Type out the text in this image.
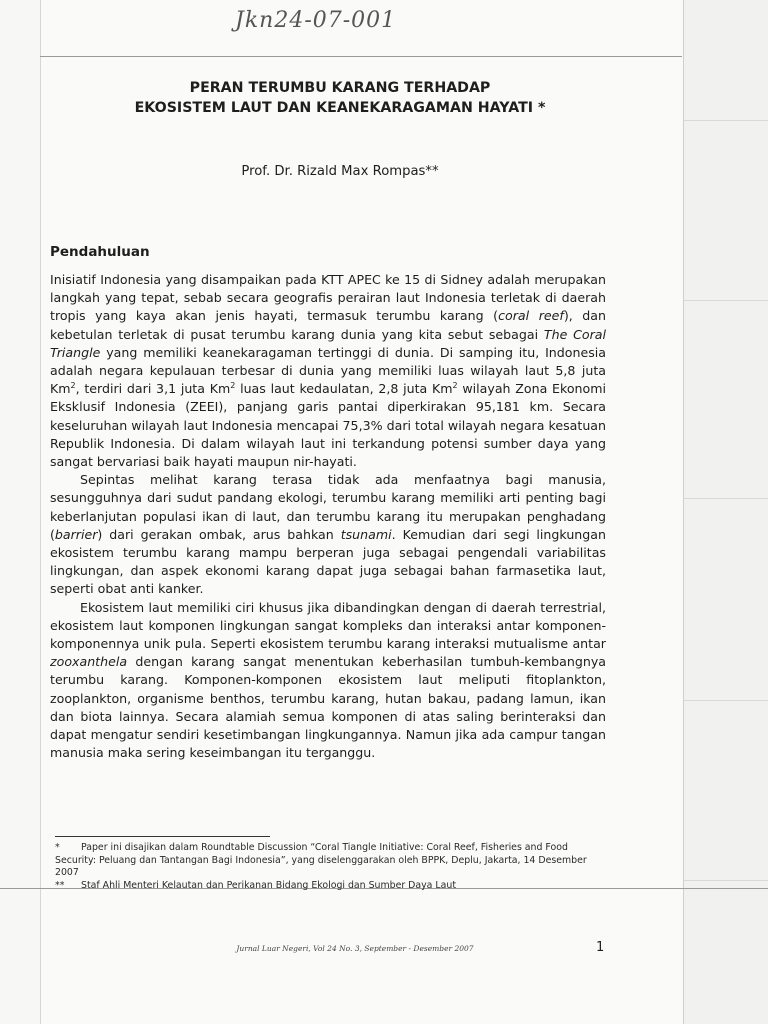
Jkn24-07-001
PERAN TERUMBU KARANG TERHADAP
EKOSISTEM LAUT DAN KEANEKARAGAMAN HAYATI *
Prof. Dr. Rizald Max Rompas**
Pendahuluan

Inisiatif Indonesia yang disampaikan pada KTT APEC ke 15 di Sidney adalah merupakan langkah yang tepat, sebab secara geografis perairan laut Indonesia terletak di daerah tropis yang kaya akan jenis hayati, termasuk terumbu karang (coral reef), dan kebetulan terletak di pusat terumbu karang dunia yang kita sebut sebagai The Coral Triangle yang memiliki keanekaragaman tertinggi di dunia. Di samping itu, Indonesia adalah negara kepulauan terbesar di dunia yang memiliki luas wilayah laut 5,8 juta Km$^2$, terdiri dari 3,1 juta Km$^2$ luas laut kedaulatan, 2,8 juta Km$^2$ wilayah Zona Ekonomi Eksklusif Indonesia (ZEEI), panjang garis pantai diperkirakan 95,181 km. Secara keseluruhan wilayah laut Indonesia mencapai 75,3% dari total wilayah negara kesatuan Republik Indonesia. Di dalam wilayah laut ini terkandung potensi sumber daya yang sangat bervariasi baik hayati maupun nir-hayati.

Sepintas melihat karang terasa tidak ada menfaatnya bagi manusia, sesungguhnya dari sudut pandang ekologi, terumbu karang memiliki arti penting bagi keberlanjutan populasi ikan di laut, dan terumbu karang itu merupakan penghadang (barrier) dari gerakan ombak, arus bahkan tsunami. Kemudian dari segi lingkungan ekosistem terumbu karang mampu berperan juga sebagai pengendali variabilitas lingkungan, dan aspek ekonomi karang dapat juga sebagai bahan farmasetika laut, seperti obat anti kanker.

Ekosistem laut memiliki ciri khusus jika dibandingkan dengan di daerah terrestrial, ekosistem laut komponen lingkungan sangat kompleks dan interaksi antar komponen-komponennya unik pula. Seperti ekosistem terumbu karang interaksi mutualisme antar zooxanthela dengan karang sangat menentukan keberhasilan tumbuh-kembangnya terumbu karang. Komponen-komponen ekosistem laut meliputi fitoplankton, zooplankton, organisme benthos, terumbu karang, hutan bakau, padang lamun, ikan dan biota lainnya. Secara alamiah semua komponen di atas saling berinteraksi dan dapat mengatur sendiri kesetimbangan lingkungannya. Namun jika ada campur tangan manusia maka sering keseimbangan itu terganggu.

* Paper ini disajikan dalam Roundtable Discussion “Coral Tiangle Initiative: Coral Reef, Fisheries and Food Security: Peluang dan Tantangan Bagi Indonesia”, yang diselenggarakan oleh BPPK, Deplu, Jakarta, 14 Desember 2007

** Staf Ahli Menteri Kelautan dan Perikanan Bidang Ekologi dan Sumber Daya Laut

Jurnal Luar Negeri, Vol 24 No. 3, September - Desember 2007	1
